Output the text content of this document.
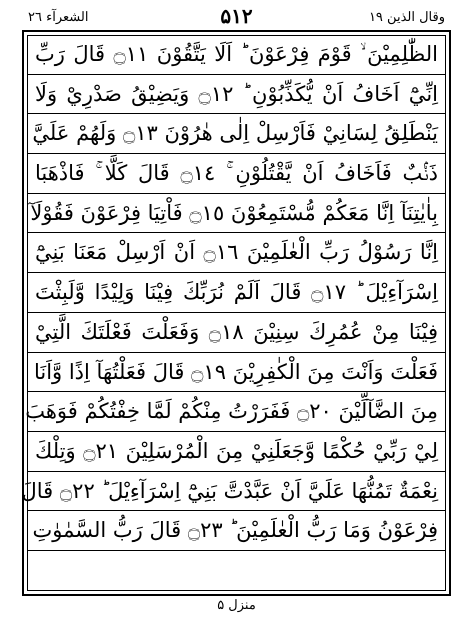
الشعرآء ٢٦	۵۱۲	وقال الذين ١٩
الظّٰلِمِيْنَ ۙ قَوْمَ فِرْعَوْنَ ؕ اَلَا يَتَّقُوْنَ ۝١١ قَالَ رَبِّ
اِنِّيْٓ اَخَافُ اَنْ يُّكَذِّبُوْنِ ؕ ۝١٢ وَيَضِيْقُ صَدْرِيْ وَلَا
يَنْطَلِقُ لِسَانِيْ فَاَرْسِلْ اِلٰى هٰرُوْنَ ۝١٣ وَلَهُمْ عَلَيَّ
ذَنْۢبٌ فَاَخَافُ اَنْ يَّقْتُلُوْنِ ۚ ۝١٤ قَالَ كَلَّا ۚ فَاذْهَبَا
بِاٰيٰتِنَآ اِنَّا مَعَكُمْ مُّسْتَمِعُوْنَ ۝١٥ فَاْتِيَا فِرْعَوْنَ فَقُوْلَآ
اِنَّا رَسُوْلُ رَبِّ الْعٰلَمِيْنَ ۝١٦ اَنْ اَرْسِلْ مَعَنَا بَنِيْٓ
اِسْرَآءِيْلَ ؕ ۝١٧ قَالَ اَلَمْ نُرَبِّكَ فِيْنَا وَلِيْدًا وَّلَبِثْتَ
فِيْنَا مِنْ عُمُرِكَ سِنِيْنَ ۝١٨ وَفَعَلْتَ فَعْلَتَكَ الَّتِيْ
فَعَلْتَ وَاَنْتَ مِنَ الْكٰفِرِيْنَ ۝١٩ قَالَ فَعَلْتُهَآ اِذًا وَّاَنَا
مِنَ الضَّآلِّيْنَ ۝٢٠ فَفَرَرْتُ مِنْكُمْ لَمَّا خِفْتُكُمْ فَوَهَبَ
لِيْ رَبِّيْ حُكْمًا وَّجَعَلَنِيْ مِنَ الْمُرْسَلِيْنَ ۝٢١ وَتِلْكَ
نِعْمَةٌ تَمُنُّهَا عَلَيَّ اَنْ عَبَّدْتَّ بَنِيْٓ اِسْرَآءِيْلَ ؕ ۝٢٢ قَالَ
فِرْعَوْنُ وَمَا رَبُّ الْعٰلَمِيْنَ ؕ ۝٢٣ قَالَ رَبُّ السَّمٰوٰتِ
منزل ۵
